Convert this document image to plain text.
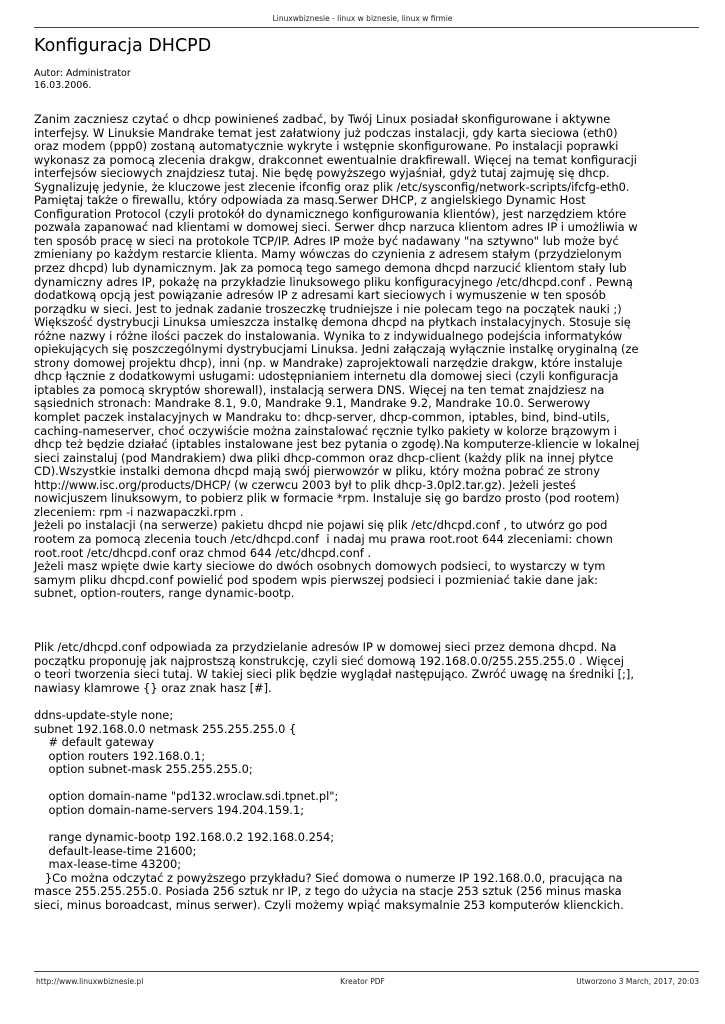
Linuxwbiznesie - linux w biznesie, linux w firmie
Konfiguracja DHCPD
Autor: Administrator
16.03.2006.
Zanim zaczniesz czytać o dhcp powinieneś zadbać, by Twój Linux posiadał skonfigurowane i aktywne
interfejsy. W Linuksie Mandrake temat jest załatwiony już podczas instalacji, gdy karta sieciowa (eth0)
oraz modem (ppp0) zostaną automatycznie wykryte i wstępnie skonfigurowane. Po instalacji poprawki
wykonasz za pomocą zlecenia drakgw, drakconnet ewentualnie drakfirewall. Więcej na temat konfiguracji
interfejsów sieciowych znajdziesz tutaj. Nie będę powyższego wyjaśniał, gdyż tutaj zajmuję się dhcp.
Sygnalizuję jedynie, że kluczowe jest zlecenie ifconfig oraz plik /etc/sysconfig/network-scripts/ifcfg-eth0.
Pamiętaj także o firewallu, który odpowiada za masq.Serwer DHCP, z angielskiego Dynamic Host
Configuration Protocol (czyli protokół do dynamicznego konfigurowania klientów), jest narzędziem które
pozwala zapanować nad klientami w domowej sieci. Serwer dhcp narzuca klientom adres IP i umożliwia w
ten sposób pracę w sieci na protokole TCP/IP. Adres IP może być nadawany "na sztywno" lub może być
zmieniany po każdym restarcie klienta. Mamy wówczas do czynienia z adresem stałym (przydzielonym
przez dhcpd) lub dynamicznym. Jak za pomocą tego samego demona dhcpd narzucić klientom stały lub
dynamiczny adres IP, pokażę na przykładzie linuksowego pliku konfiguracyjnego /etc/dhcpd.conf . Pewną
dodatkową opcją jest powiązanie adresów IP z adresami kart sieciowych i wymuszenie w ten sposób
porządku w sieci. Jest to jednak zadanie troszeczkę trudniejsze i nie polecam tego na początek nauki ;)
Większość dystrybucji Linuksa umieszcza instalkę demona dhcpd na płytkach instalacyjnych. Stosuje się
różne nazwy i różne ilości paczek do instalowania. Wynika to z indywidualnego podejścia informatyków
opiekujących się poszczególnymi dystrybucjami Linuksa. Jedni załączają wyłącznie instalkę oryginalną (ze
strony domowej projektu dhcp), inni (np. w Mandrake) zaprojektowali narzędzie drakgw, które instaluje
dhcp łącznie z dodatkowymi usługami: udostępnianiem internetu dla domowej sieci (czyli konfiguracja
iptables za pomocą skryptów shorewall), instalacją serwera DNS. Więcej na ten temat znajdziesz na
sąsiednich stronach: Mandrake 8.1, 9.0, Mandrake 9.1, Mandrake 9.2, Mandrake 10.0. Serwerowy
komplet paczek instalacyjnych w Mandraku to: dhcp-server, dhcp-common, iptables, bind, bind-utils,
caching-nameserver, choć oczywiście można zainstalować ręcznie tylko pakiety w kolorze brązowym i
dhcp też będzie działać (iptables instalowane jest bez pytania o zgodę).Na komputerze-kliencie w lokalnej
sieci zainstaluj (pod Mandrakiem) dwa pliki dhcp-common oraz dhcp-client (każdy plik na innej płytce
CD).Wszystkie instalki demona dhcpd mają swój pierwowzór w pliku, który można pobrać ze strony
http://www.isc.org/products/DHCP/ (w czerwcu 2003 był to plik dhcp-3.0pl2.tar.gz). Jeżeli jesteś
nowicjuszem linuksowym, to pobierz plik w formacie *rpm. Instaluje się go bardzo prosto (pod rootem)
zleceniem: rpm -i nazwapaczki.rpm .
Jeżeli po instalacji (na serwerze) pakietu dhcpd nie pojawi się plik /etc/dhcpd.conf , to utwórz go pod
rootem za pomocą zlecenia touch /etc/dhcpd.conf  i nadaj mu prawa root.root 644 zleceniami: chown
root.root /etc/dhcpd.conf oraz chmod 644 /etc/dhcpd.conf .
Jeżeli masz wpięte dwie karty sieciowe do dwóch osobnych domowych podsieci, to wystarczy w tym
samym pliku dhcpd.conf powielić pod spodem wpis pierwszej podsieci i pozmieniać takie dane jak:
subnet, option-routers, range dynamic-bootp.
Plik /etc/dhcpd.conf odpowiada za przydzielanie adresów IP w domowej sieci przez demona dhcpd. Na
początku proponuję jak najprostszą konstrukcję, czyli sieć domową 192.168.0.0/255.255.255.0 . Więcej
o teori tworzenia sieci tutaj. W takiej sieci plik będzie wyglądał następująco. Zwróć uwagę na średniki [;],
nawiasy klamrowe {} oraz znak hasz [#].
ddns-update-style none;
subnet 192.168.0.0 netmask 255.255.255.0 {
# default gateway
option routers 192.168.0.1;
option subnet-mask 255.255.255.0;
option domain-name "pd132.wroclaw.sdi.tpnet.pl";
option domain-name-servers 194.204.159.1;
range dynamic-bootp 192.168.0.2 192.168.0.254;
default-lease-time 21600;
max-lease-time 43200;
}Co można odczytać z powyższego przykładu? Sieć domowa o numerze IP 192.168.0.0, pracująca na
masce 255.255.255.0. Posiada 256 sztuk nr IP, z tego do użycia na stacje 253 sztuk (256 minus maska
sieci, minus boroadcast, minus serwer). Czyli możemy wpiąć maksymalnie 253 komputerów klienckich.
http://www.linuxwbiznesie.pl	Kreator PDF	Utworzono 3 March, 2017, 20:03
